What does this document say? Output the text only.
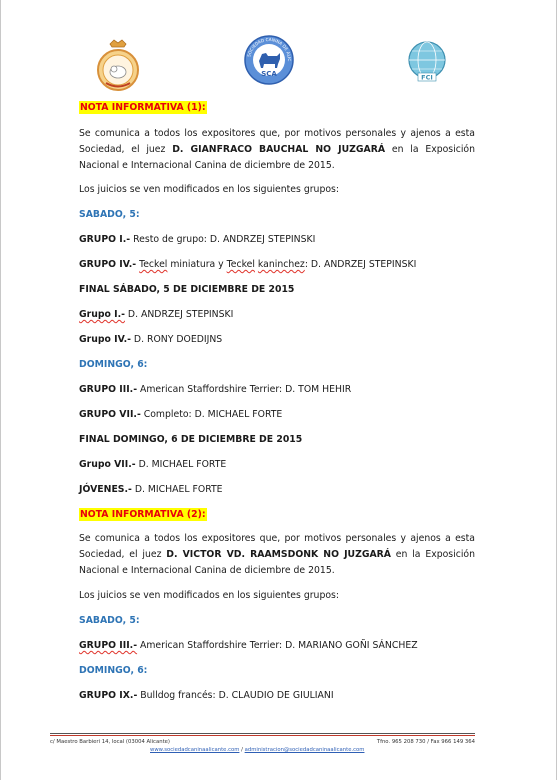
SOCIEDAD CANINA DE ALIC
SCA	FCI
NOTA INFORMATIVA (1):
Se comunica a todos los expositores que, por motivos personales y ajenos a esta Sociedad, el juez D. GIANFRACO BAUCHAL NO JUZGARÁ en la Exposición Nacional e Internacional Canina de diciembre de 2015.
Los juicios se ven modificados en los siguientes grupos:
SABADO, 5:
GRUPO I.- Resto de grupo: D. ANDRZEJ STEPINSKI
GRUPO IV.- Teckel miniatura y Teckel kaninchez: D. ANDRZEJ STEPINSKI
FINAL SÁBADO, 5 DE DICIEMBRE DE 2015
Grupo I.- D. ANDRZEJ STEPINSKI
Grupo IV.- D. RONY DOEDIJNS
DOMINGO, 6:
GRUPO III.- American Staffordshire Terrier: D. TOM HEHIR
GRUPO VII.- Completo: D. MICHAEL FORTE
FINAL DOMINGO, 6 DE DICIEMBRE DE 2015
Grupo VII.- D. MICHAEL FORTE
JÓVENES.- D. MICHAEL FORTE
NOTA INFORMATIVA (2):
Se comunica a todos los expositores que, por motivos personales y ajenos a esta Sociedad, el juez D. VICTOR VD. RAAMSDONK NO JUZGARÁ en la Exposición Nacional e Internacional Canina de diciembre de 2015.
Los juicios se ven modificados en los siguientes grupos:
SABADO, 5:
GRUPO III.- American Staffordshire Terrier: D. MARIANO GOÑI SÁNCHEZ
DOMINGO, 6:
GRUPO IX.- Bulldog francés: D. CLAUDIO DE GIULIANI
c/ Maestro Barbieri 14, local (03004 Alicante)	Tfno. 965 208 730 / Fax 966 149 364
www.sociedadcaninaalicante.com / administracion@sociedadcaninaalicante.com
